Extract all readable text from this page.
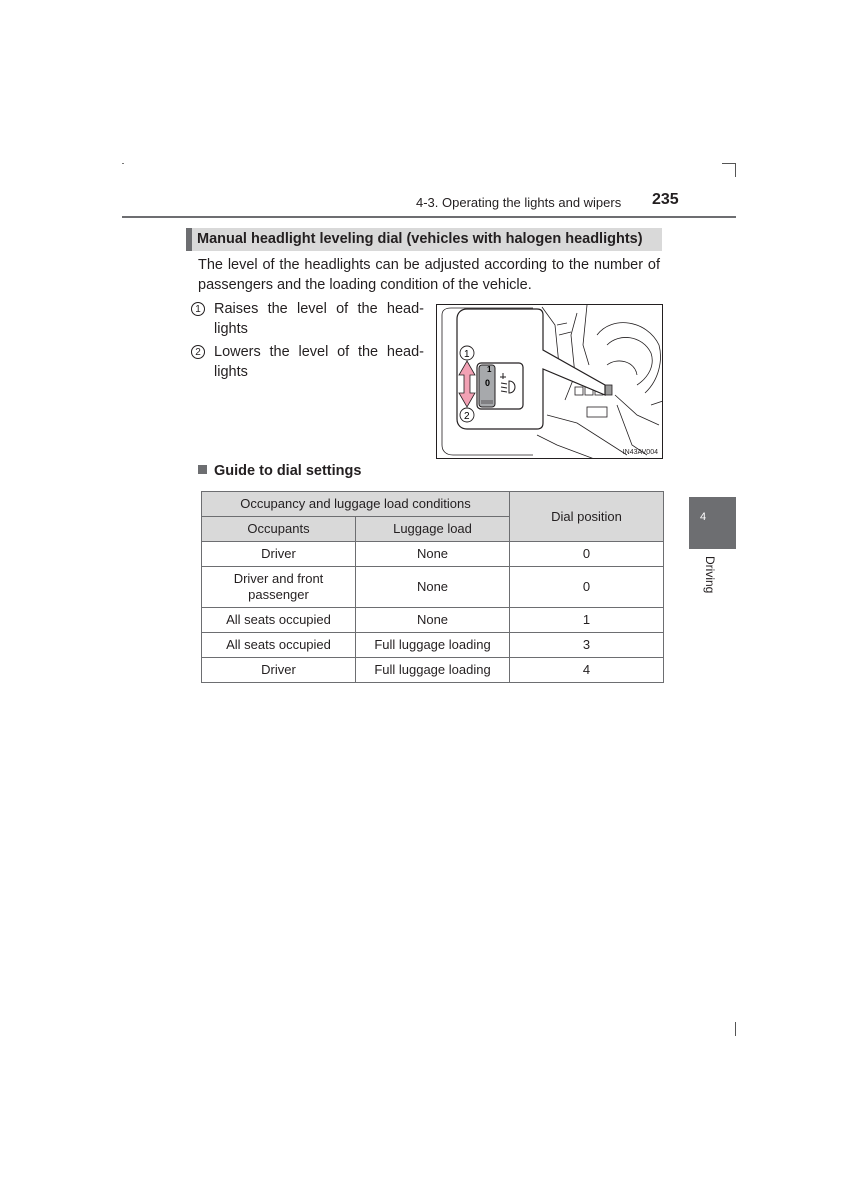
4-3. Operating the lights and wipers 235
Manual headlight leveling dial (vehicles with halogen headlights)
The level of the headlights can be adjusted according to the number of passengers and the loading condition of the vehicle.
1 Raises the level of the head-lights
2 Lowers the level of the head-lights	1
0
1
2
IN43AV004
Guide to dial settings
Occupancy and luggage load conditions		Dial position
Occupants	Luggage load	
Driver	None	0
Driver and front passenger	None	0
All seats occupied	None	1
All seats occupied	Full luggage loading	3
Driver	Full luggage loading	4
4
Driving
